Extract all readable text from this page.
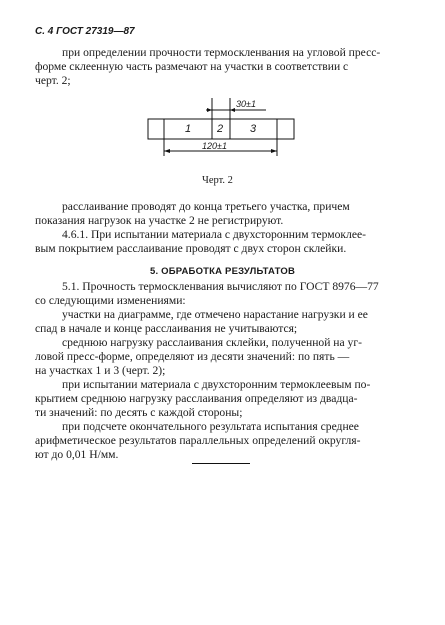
С. 4 ГОСТ 27319—87
при определении прочности термоскленвания на угловой пресс-
форме склеенную часть размечают на участки в соответствии с
черт. 2;
30±1
120±1
1 2 3
Черт. 2
расслаивание проводят до конца третьего участка, причем
показания нагрузок на участке 2 не регистрируют.
4.6.1. При испытании материала с двухсторонним термоклее-
вым покрытием расслаивание проводят с двух сторон склейки.
5. ОБРАБОТКА РЕЗУЛЬТАТОВ
5.1. Прочность термоскленвания вычисляют по ГОСТ 8976—77
со следующими изменениями:
участки на диаграмме, где отмечено нарастание нагрузки и ее
спад в начале и конце расслаивания не учитываются;
среднюю нагрузку расслаивания склейки, полученной на уг-
ловой пресс-форме, определяют из десяти значений: по пять —
на участках 1 и 3 (черт. 2);
при испытании материала с двухсторонним термоклеевым по-
крытием среднюю нагрузку расслаивания определяют из двадца-
ти значений: по десять с каждой стороны;
при подсчете окончательного результата испытания среднее
арифметическое результатов параллельных определений округля-
ют до 0,01 Н/мм.
